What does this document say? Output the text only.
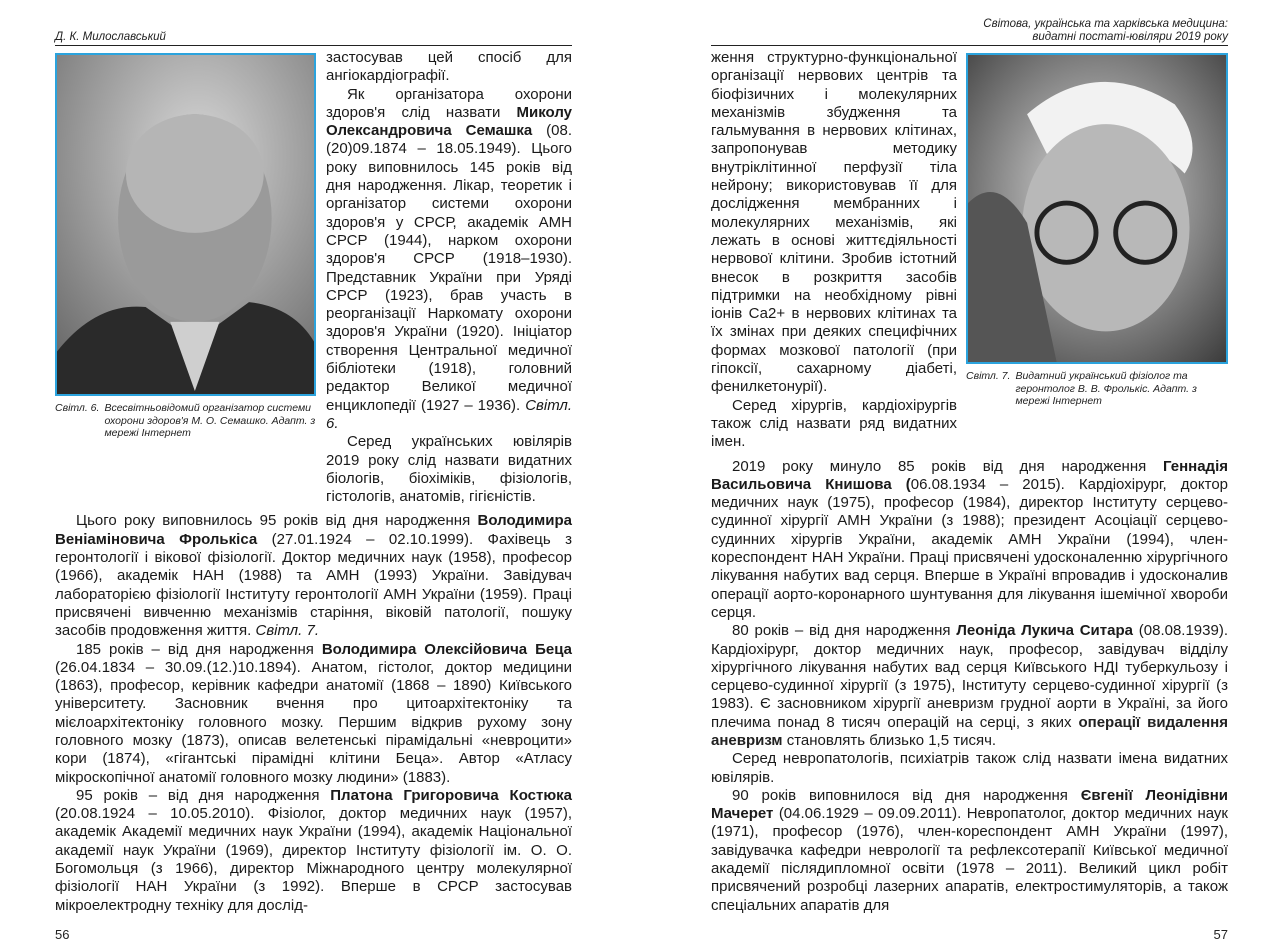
Д. К. Милославський
Світл. 6. Всесвітньовідомий організатор системи охорони здоров'я М. О. Семашко. Адапт. з мережі Інтернет

застосував цей спосіб для ангіокардіографії.

Як організатора охорони здоров'я слід назвати Миколу Олександровича Семашка (08.(20)09.1874 – 18.05.1949). Цього року виповнилось 145 років від дня народження. Лікар, теоретик і організатор системи охорони здоров'я у СРСР, академік АМН СРСР (1944), нарком охорони здоров'я СРСР (1918–1930). Представник України при Уряді СРСР (1923), брав участь в реорганізації Наркомату охорони здоров'я України (1920). Ініціатор створення Центральної медичної бібліотеки (1918), головний редактор Великої медичної енциклопедії (1927 – 1936). Світл. 6.

Серед українських ювілярів 2019 року слід назвати видатних біологів, біохіміків, фізіологів, гістологів, анатомів, гігієністів.

Цього року виповнилось 95 років від дня народження Володимира Веніаміновича Фролькіса (27.01.1924 – 02.10.1999). Фахівець з геронтології і вікової фізіології. Доктор медичних наук (1958), професор (1966), академік НАН (1988) та АМН (1993) України. Завідувач лабораторією фізіології Інституту геронтології АМН України (1959). Праці присвячені вивченню механізмів старіння, віковій патології, пошуку засобів продовження життя. Світл. 7.

185 років – від дня народження Володимира Олексійовича Беца (26.04.1834 – 30.09.(12.)10.1894). Анатом, гістолог, доктор медицини (1863), професор, керівник кафедри анатомії (1868 – 1890) Київського університету. Засновник вчення про цитоархітектоніку та мієлоархітектоніку головного мозку. Першим відкрив рухому зону головного мозку (1873), описав велетенські пірамідальні «невроцити» кори (1874), «гігантські пірамідні клітини Беца». Автор «Атласу мікроскопічної анатомії головного мозку людини» (1883).

95 років – від дня народження Платона Григоровича Костюка (20.08.1924 – 10.05.2010). Фізіолог, доктор медичних наук (1957), академік Академії медичних наук України (1994), академік Національної академії наук України (1969), директор Інституту фізіології ім. О. О. Богомольця (з 1966), директор Міжнародного центру молекулярної фізіології НАН України (з 1992). Вперше в СРСР застосував мікроелектродну техніку для дослід-

56
Світова, українська та харківська медицина:
видатні постаті-ювіляри 2019 року

ження структурно-функціональної організації нервових центрів та біофізичних і молекулярних механізмів збудження та гальмування в нервових клітинах, запропонував методику внутріклітинної перфузії тіла нейрону; використовував її для дослідження мембранних і молекулярних механізмів, які лежать в основі життєдіяльності нервової клітини. Зробив істотний внесок в розкриття засобів підтримки на необхідному рівні іонів Са2+ в нервових клітинах та їх змінах при деяких специфічних формах мозкової патології (при гіпоксії, сахарному діабеті, фенилкетонурії).

Серед хірургів, кардіохірургів також слід назвати ряд видатних імен.

Світл. 7. Видатний український фізіолог та геронтолог В. В. Фролькіс. Адапт. з мережі Інтернет

2019 року минуло 85 років від дня народження Геннадія Васильовича Книшова (06.08.1934 – 2015). Кардіохірург, доктор медичних наук (1975), професор (1984), директор Інституту серцево-судинної хірургії АМН України (з 1988); президент Асоціації серцево-судинних хірургів України, академік АМН України (1994), член-кореспондент НАН України. Праці присвячені удосконаленню хірургічного лікування набутих вад серця. Вперше в Україні впровадив і удосконалив операції аорто-коронарного шунтування для лікування ішемічної хвороби серця.

80 років – від дня народження Леоніда Лукича Ситара (08.08.1939). Кардіохірург, доктор медичних наук, професор, завідувач відділу хірургічного лікування набутих вад серця Київського НДІ туберкульозу і серцево-судинної хірургії (з 1975), Інституту серцево-судинної хірургії (з 1983). Є засновником хірургії аневризм грудної аорти в Україні, за його плечима понад 8 тисяч операцій на серці, з яких операції видалення аневризм становлять близько 1,5 тисяч.

Серед невропатологів, психіатрів також слід назвати імена видатних ювілярів.

90 років виповнилося від дня народження Євгенії Леонідівни Мачерет (04.06.1929 – 09.09.2011). Невропатолог, доктор медичних наук (1971), професор (1976), член-кореспондент АМН України (1997), завідувачка кафедри неврології та рефлексотерапії Київської медичної академії післядипломної освіти (1978 – 2011). Великий цикл робіт присвячений розробці лазерних апаратів, електростимуляторів, а також спеціальних апаратів для

57
